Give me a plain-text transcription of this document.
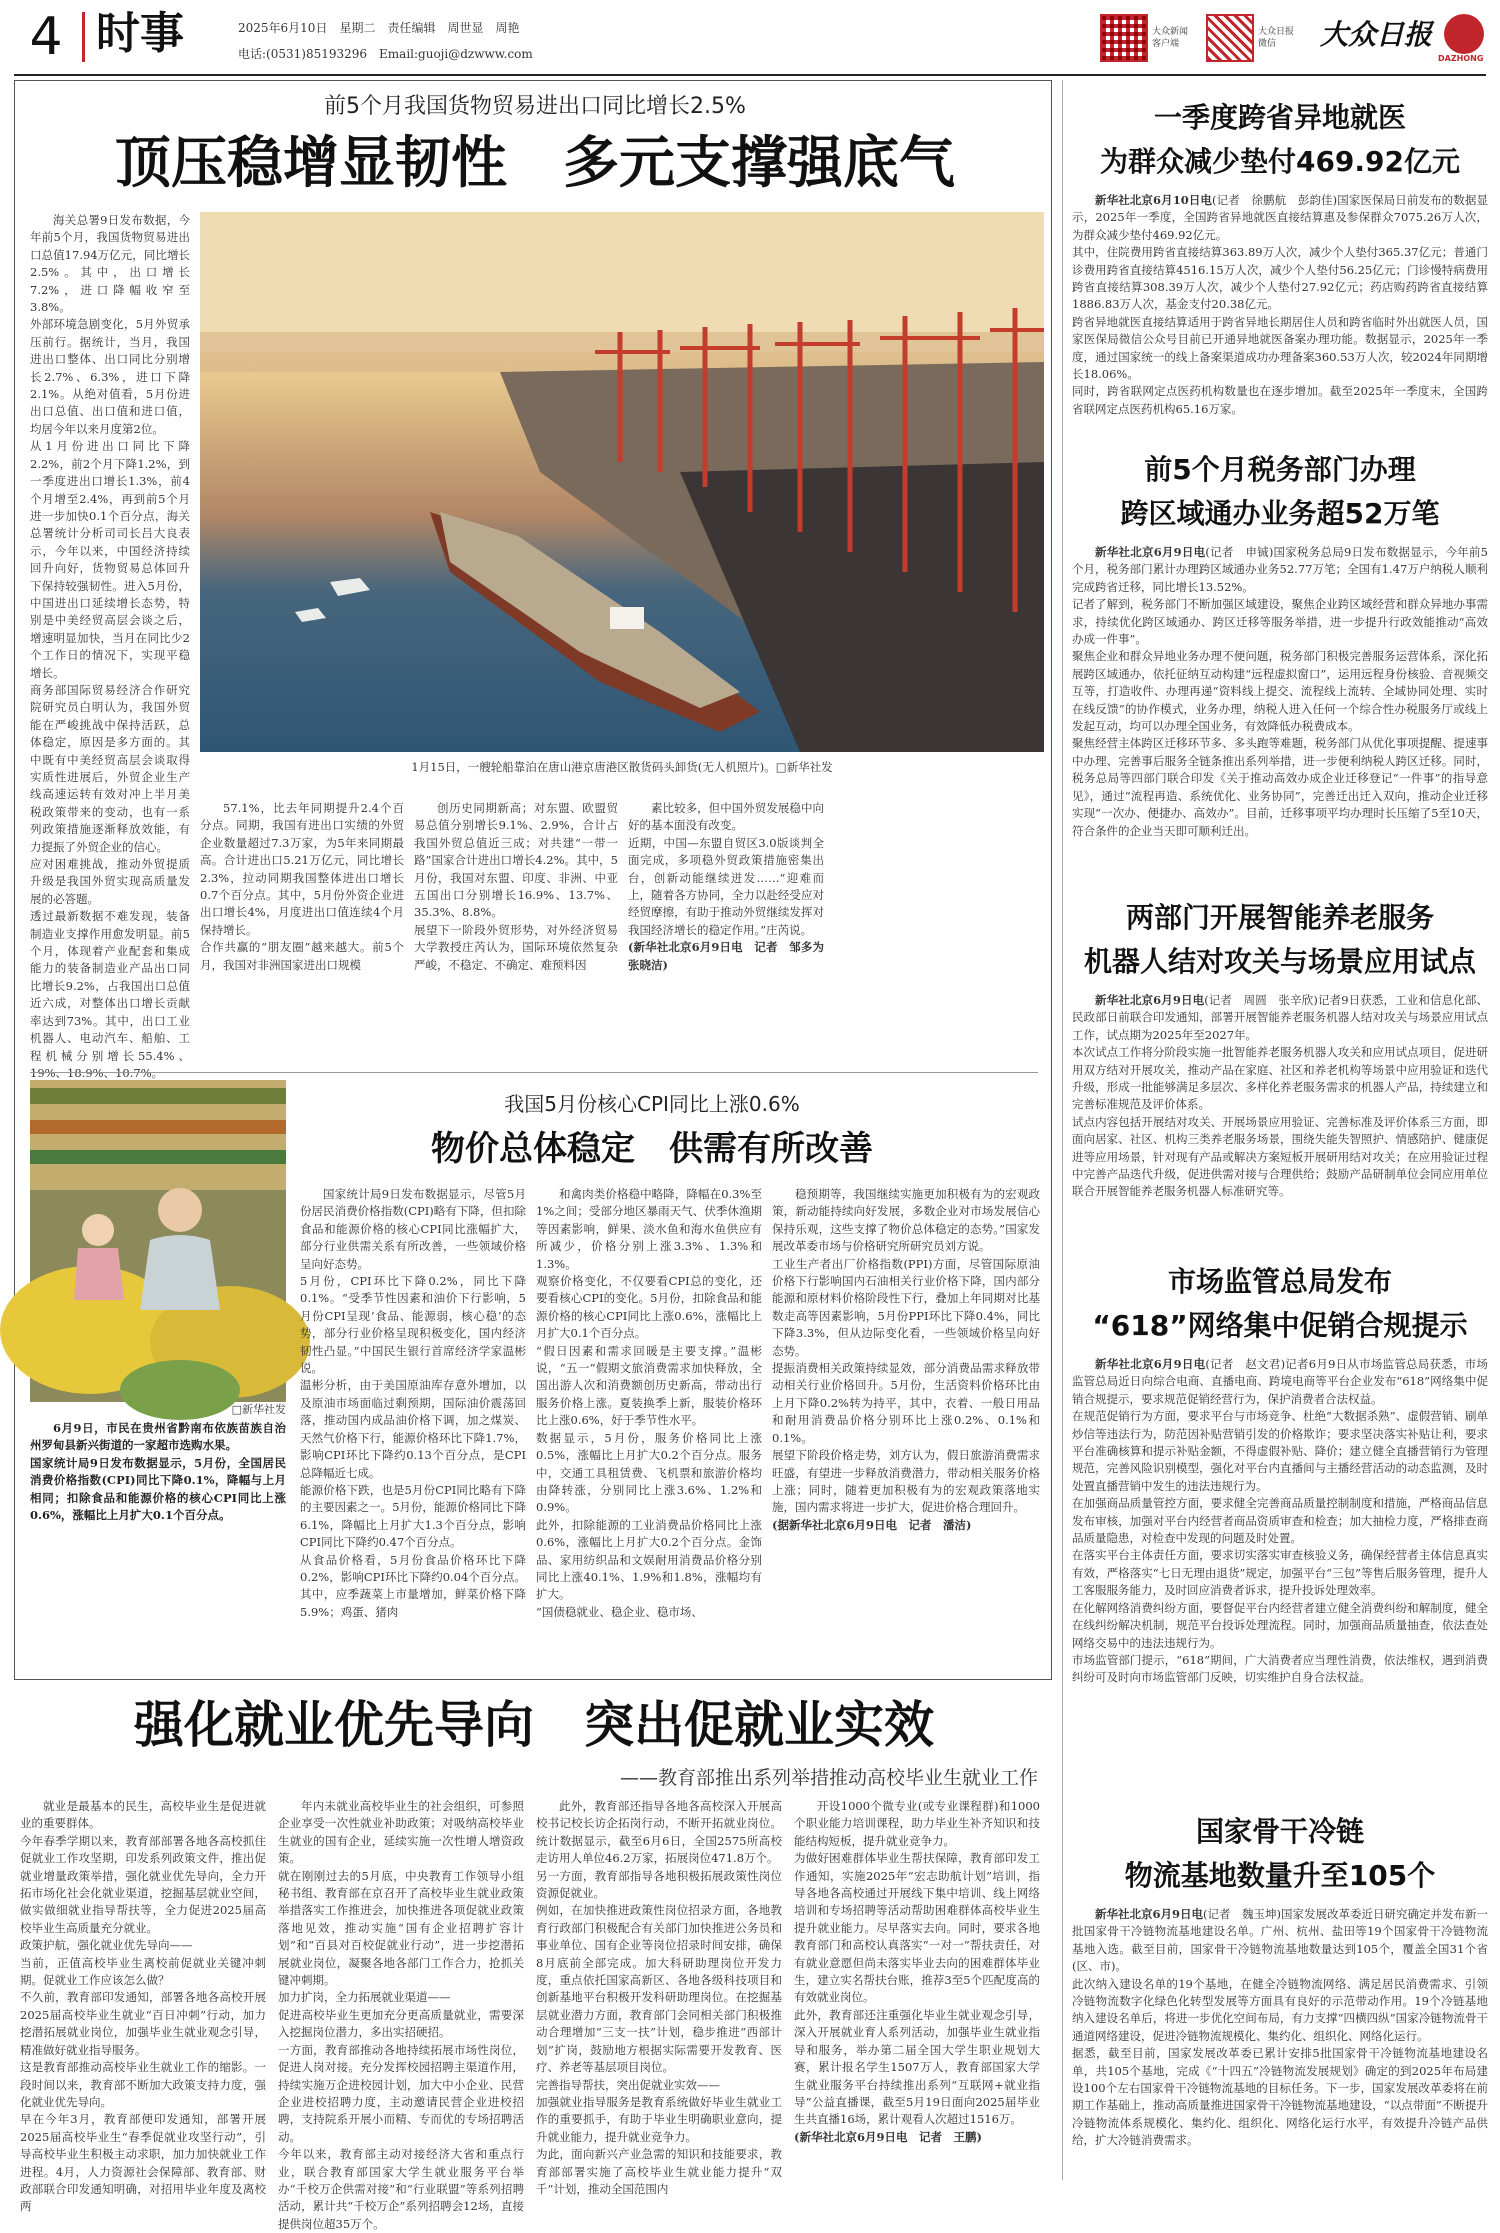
4 时事	2025年6月10日　星期二　责任编辑　周世显　周艳
电话:(0531)85193296　Email:guoji@dzwww.com
大众新闻
客户端
大众日报
微信	大众日报
DAZHONG
前5个月我国货物贸易进出口同比增长2.5%
顶压稳增显韧性　多元支撑强底气

海关总署9日发布数据，今年前5个月，我国货物贸易进出口总值17.94万亿元，同比增长2.5%。其中，出口增长7.2%，进口降幅收窄至3.8%。
外部环境急剧变化，5月外贸承压前行。据统计，当月，我国进出口整体、出口同比分别增长2.7%、6.3%，进口下降2.1%。从绝对值看，5月份进出口总值、出口值和进口值，均居今年以来月度第2位。
从1月份进出口同比下降2.2%，前2个月下降1.2%，到一季度进出口增长1.3%，前4个月增至2.4%，再到前5个月进一步加快0.1个百分点，海关总署统计分析司司长吕大良表示，今年以来，中国经济持续回升向好，货物贸易总体回升下保持较强韧性。进入5月份，中国进出口延续增长态势，特别是中美经贸高层会谈之后，增速明显加快，当月在同比少2个工作日的情况下，实现平稳增长。
商务部国际贸易经济合作研究院研究员白明认为，我国外贸能在严峻挑战中保持活跃，总体稳定，原因是多方面的。其中既有中美经贸高层会谈取得实质性进展后，外贸企业生产线高速运转有效对冲上半月美税政策带来的变动，也有一系列政策措施逐渐释放效能，有力提振了外贸企业的信心。
应对困难挑战，推动外贸提质升级是我国外贸实现高质量发展的必答题。
透过最新数据不难发现，装备制造业支撑作用愈发明显。前5个月，体现着产业配套和集成能力的装备制造业产品出口同比增长9.2%，占我国出口总值近六成，对整体出口增长贡献率达到73%。其中，出口工业机器人、电动汽车、船舶、工程机械分别增长55.4%、

1月15日，一艘轮船靠泊在唐山港京唐港区散货码头卸货(无人机照片)。□新华社发

57.1%，比去年同期提升2.4个百分点。同期，我国有进出口实绩的外贸企业数量超过7.3万家，为5年来同期最高。合计进出口5.21万亿元，同比增长2.3%，拉动同期我国整体进出口增长0.7个百分点。其中，5月份外资企业进出口增长4%，月度进出口值连续4个月保持增长。
合作共赢的“朋友圈”越来越大。前5个月，我国对非洲国家进出口规模

创历史同期新高；对东盟、欧盟贸易总值分别增长9.1%、2.9%，合计占我国外贸总值近三成；对共建“一带一路”国家合计进出口增长4.2%。其中，5月份，我国对东盟、印度、非洲、中亚五国出口分别增长16.9%、13.7%、35.3%、8.8%。
展望下一阶段外贸形势，对外经济贸易大学教授庄芮认为，国际环境依然复杂严峻，不稳定、不确定、难预料因

素比较多，但中国外贸发展稳中向好的基本面没有改变。
近期，中国—东盟自贸区3.0版谈判全面完成，多项稳外贸政策措施密集出台，创新动能继续迸发……“迎难而上，随着各方协同，全力以赴经受应对经贸摩擦，有助于推动外贸继续发挥对我国经济增长的稳定作用。”庄芮说。

(新华社北京6月9日电　记者　邹多为　张晓洁)

我国5月份核心CPI同比上涨0.6%
物价总体稳定　供需有所改善
□新华社发

6月9日，市民在贵州省黔南布依族苗族自治州罗甸县新兴街道的一家超市选购水果。
国家统计局9日发布数据显示，5月份，全国居民消费价格指数(CPI)同比下降0.1%，降幅与上月相同；扣除食品和能源价格的核心CPI同比上涨0.6%，涨幅比上月扩大0.1个百分点。

国家统计局9日发布数据显示，尽管5月份居民消费价格指数(CPI)略有下降，但扣除食品和能源价格的核心CPI同比涨幅扩大，部分行业供需关系有所改善，一些领域价格呈向好态势。
5月份，CPI环比下降0.2%，同比下降0.1%。“受季节性因素和油价下行影响，5月份CPI呈现‘食品、能源弱，核心稳’的态势，部分行业价格呈现积极变化，国内经济韧性凸显。”中国民生银行首席经济学家温彬说。
温彬分析，由于美国原油库存意外增加，以及原油市场面临过剩预期，国际油价震荡回落，推动国内成品油价格下调，加之煤炭、天然气价格下行，能源价格环比下降1.7%，影响CPI环比下降约0.13个百分点，是CPI总降幅近七成。
能源价格下跌，也是5月份CPI同比略有下降的主要因素之一。5月份，能源价格同比下降6.1%，降幅比上月扩大1.3个百分点，影响CPI同比下降约0.47个百分点。
从食品价格看，5月份食品价格环比下降0.2%，影响CPI环比下降约0.04个百分点。其中，应季蔬菜上市量增加，鲜菜价格下降5.9%；鸡蛋、猪肉

和禽肉类价格稳中略降，降幅在0.3%至1%之间；受部分地区暴雨天气、伏季休渔期等因素影响，鲜果、淡水鱼和海水鱼供应有所减少，价格分别上涨3.3%、1.3%和1.3%。
观察价格变化，不仅要看CPI总的变化，还要看核心CPI的变化。5月份，扣除食品和能源价格的核心CPI同比上涨0.6%，涨幅比上月扩大0.1个百分点。
“假日因素和需求回暖是主要支撑。”温彬说，“五一”假期文旅消费需求加快释放，全国出游人次和消费额创历史新高，带动出行服务价格上涨。夏装换季上新，服装价格环比上涨0.6%，好于季节性水平。
数据显示，5月份，服务价格同比上涨0.5%，涨幅比上月扩大0.2个百分点。服务中，交通工具租赁费、飞机票和旅游价格均由降转涨，分别同比上涨3.6%、1.2%和0.9%。
此外，扣除能源的工业消费品价格同比上涨0.6%，涨幅比上月扩大0.2个百分点。金饰品、家用纺织品和文娱耐用消费品价格分别同比上涨40.1%、1.9%和1.8%，涨幅均有扩大。
“国债稳就业、稳企业、稳市场、

稳预期等，我国继续实施更加积极有为的宏观政策，新动能持续向好发展，多数企业对市场发展信心保持乐观，这些支撑了物价总体稳定的态势。”国家发展改革委市场与价格研究所研究员刘方说。
工业生产者出厂价格指数(PPI)方面，尽管国际原油价格下行影响国内石油相关行业价格下降，国内部分能源和原材料价格阶段性下行，叠加上年同期对比基数走高等因素影响，5月份PPI环比下降0.4%，同比下降3.3%，但从边际变化看，一些领域价格呈向好态势。
提振消费相关政策持续显效，部分消费品需求释放带动相关行业价格回升。5月份，生活资料价格环比由上月下降0.2%转为持平，其中，衣着、一般日用品和耐用消费品价格分别环比上涨0.2%、0.1%和0.1%。
展望下阶段价格走势，刘方认为，假日旅游消费需求旺盛，有望进一步释放消费潜力，带动相关服务价格上涨；同时，随着更加积极有为的宏观政策落地实施，国内需求将进一步扩大，促进价格合理回升。

(据新华社北京6月9日电　记者　潘洁)

强化就业优先导向　突出促就业实效
——教育部推出系列举措推动高校毕业生就业工作

就业是最基本的民生，高校毕业生是促进就业的重要群体。
今年春季学期以来，教育部部署各地各高校抓住促就业工作攻坚期，印发系列政策文件，推出促就业增量政策举措，强化就业优先导向，全力开拓市场化社会化就业渠道，挖掘基层就业空间，做实做细就业指导帮扶等，全力促进2025届高校毕业生高质量充分就业。
政策护航，强化就业优先导向——
当前，正值高校毕业生离校前促就业关键冲刺期。促就业工作应该怎么做？
不久前，教育部印发通知，部署各地各高校开展2025届高校毕业生就业“百日冲刺”行动，加力挖潜拓展就业岗位，加强毕业生就业观念引导，精准做好就业指导服务。
这是教育部推动高校毕业生就业工作的缩影。一段时间以来，教育部不断加大政策支持力度，强化就业优先导向。
早在今年3月，教育部便印发通知，部署开展2025届高校毕业生“春季促就业攻坚行动”，引导高校毕业生积极主动求职，加力加快就业工作进程。4月，人力资源社会保障部、教育部、财政部联合印发通知明确，对招用毕业年度及离校两

年内未就业高校毕业生的社会组织，可参照企业享受一次性就业补助政策；对吸纳高校毕业生就业的国有企业，延续实施一次性增人增资政策。
就在刚刚过去的5月底，中央教育工作领导小组秘书组、教育部在京召开了高校毕业生就业政策举措落实工作推进会，加快推进各项促就业政策落地见效，推动实施“国有企业招聘扩容计划”和“百县对百校促就业行动”，进一步挖潜拓展就业岗位，凝聚各地各部门工作合力，抢抓关键冲刺期。
加力扩岗，全力拓展就业渠道——
促进高校毕业生更加充分更高质量就业，需要深入挖掘岗位潜力，多出实招硬招。
一方面，教育部推动各地持续拓展市场性岗位，促进人岗对接。充分发挥校园招聘主渠道作用，持续实施万企进校园计划，加大中小企业、民营企业进校招聘力度，主动邀请民营企业进校招聘，支持院系开展小而精、专而优的专场招聘活动。
今年以来，教育部主动对接经济大省和重点行业，联合教育部国家大学生就业服务平台举办“千校万企供需对接”和“行业联盟”等系列招聘活动，累计共“千校万企”系列招聘会12场，直接提供岗位超35万个。

此外，教育部还指导各地各高校深入开展高校书记校长访企拓岗行动，不断开拓就业岗位。统计数据显示，截至6月6日，全国2575所高校走访用人单位46.2万家，拓展岗位471.8万个。
另一方面，教育部指导各地积极拓展政策性岗位资源促就业。
例如，在加快推进政策性岗位招录方面，各地教育行政部门积极配合有关部门加快推进公务员和事业单位、国有企业等岗位招录时间安排，确保8月底前全部完成。加大科研助理岗位开发力度，重点依托国家高新区、各地各级科技项目和创新基地平台积极开发科研助理岗位。在挖掘基层就业潜力方面，教育部门会同相关部门积极推动合理增加“三支一扶”计划，稳步推进“西部计划”扩岗，鼓励地方根据实际需要开发教育、医疗、养老等基层项目岗位。
完善指导帮扶，突出促就业实效——
加强就业指导服务是教育系统做好毕业生就业工作的重要抓手，有助于毕业生明确职业意向，提升就业能力，提升就业竞争力。
为此，面向新兴产业急需的知识和技能要求，教育部部署实施了高校毕业生就业能力提升“双千”计划，推动全国范围内

开设1000个微专业(或专业课程群)和1000个职业能力培训课程，助力毕业生补齐知识和技能结构短板，提升就业竞争力。
为做好困难群体毕业生帮扶保障，教育部印发工作通知，实施2025年“宏志助航计划”培训，指导各地各高校通过开展线下集中培训、线上网络培训和专场招聘等活动帮助困难群体高校毕业生提升就业能力。尽早落实去向。同时，要求各地教育部门和高校认真落实“一对一”帮扶责任，对有就业意愿但尚未落实毕业去向的困难群体毕业生，建立实名帮扶台账，推荐3至5个匹配度高的有效就业岗位。
此外，教育部还注重强化毕业生就业观念引导，深入开展就业育人系列活动，加强毕业生就业指导和服务，举办第二届全国大学生职业规划大赛，累计报名学生1507万人，教育部国家大学生就业服务平台持续推出系列“互联网+就业指导”公益直播课，截至5月19日面向2025届毕业生共直播16场，累计观看人次超过1516万。

(新华社北京6月9日电　记者　王鹏)

一季度跨省异地就医
为群众减少垫付469.92亿元
新华社北京6月10日电(记者　徐鹏航　彭韵佳)国家医保局日前发布的数据显示，2025年一季度，全国跨省异地就医直接结算惠及参保群众7075.26万人次，为群众减少垫付469.92亿元。
其中，住院费用跨省直接结算363.89万人次，减少个人垫付365.37亿元；普通门诊费用跨省直接结算4516.15万人次，减少个人垫付56.25亿元；门诊慢特病费用跨省直接结算308.39万人次，减少个人垫付27.92亿元；药店购药跨省直接结算1886.83万人次，基金支付20.38亿元。
跨省异地就医直接结算适用于跨省异地长期居住人员和跨省临时外出就医人员，国家医保局微信公众号目前已开通异地就医备案办理功能。数据显示，2025年一季度，通过国家统一的线上备案渠道成功办理备案360.53万人次，较2024年同期增长18.06%。
同时，跨省联网定点医药机构数量也在逐步增加。截至2025年一季度末，全国跨省联网定点医药机构65.16万家。
前5个月税务部门办理
跨区域通办业务超52万笔
新华社北京6月9日电(记者　申铖)国家税务总局9日发布数据显示，今年前5个月，税务部门累计办理跨区域通办业务52.77万笔；全国有1.47万户纳税人顺利完成跨省迁移，同比增长13.52%。
记者了解到，税务部门不断加强区域建设，聚焦企业跨区域经营和群众异地办事需求，持续优化跨区域通办、跨区迁移等服务举措，进一步提升行政效能推动“高效办成一件事”。
聚焦企业和群众异地业务办理不便问题，税务部门积极完善服务运营体系，深化拓展跨区域通办，依托征纳互动构建“远程虚拟窗口”，运用远程身份核验、音视频交互等，打造收件、办理再递“资料线上提交、流程线上流转、全域协同处理、实时在线反馈”的协作模式，业务办理，纳税人进入任何一个综合性办税服务厅或线上发起互动，均可以办理全国业务，有效降低办税费成本。
聚焦经营主体跨区迁移环节多、多头跑等难题，税务部门从优化事项提醒、提速事中办理、完善事后服务全链条推出系列举措，进一步便利纳税人跨区迁移。同时，税务总局等四部门联合印发《关于推动高效办成企业迁移登记“一件事”的指导意见》，通过“流程再造、系统优化、业务协同”，完善迁出迁入双向，推动企业迁移实现“一次办、便捷办、高效办”。目前，迁移事项平均办理时长压缩了5至10天，符合条件的企业当天即可顺利迁出。
两部门开展智能养老服务
机器人结对攻关与场景应用试点
新华社北京6月9日电(记者　周圆　张辛欣)记者9日获悉，工业和信息化部、民政部日前联合印发通知，部署开展智能养老服务机器人结对攻关与场景应用试点工作，试点期为2025年至2027年。
本次试点工作将分阶段实施一批智能养老服务机器人攻关和应用试点项目，促进研用双方结对开展攻关，推动产品在家庭、社区和养老机构等场景中应用验证和迭代升级，形成一批能够满足多层次、多样化养老服务需求的机器人产品，持续建立和完善标准规范及评价体系。
试点内容包括开展结对攻关、开展场景应用验证、完善标准及评价体系三方面，即面向居家、社区、机构三类养老服务场景，围绕失能失智照护、情感陪护、健康促进等应用场景，针对现有产品或解决方案短板开展研用结对攻关；在应用验证过程中完善产品迭代升级，促进供需对接与合理供给；鼓励产品研制单位会同应用单位联合开展智能养老服务机器人标准研究等。
市场监管总局发布
“618”网络集中促销合规提示
新华社北京6月9日电(记者　赵文君)记者6月9日从市场监管总局获悉，市场监管总局近日向综合电商、直播电商、跨境电商等平台企业发布“618”网络集中促销合规提示，要求规范促销经营行为，保护消费者合法权益。
在规范促销行为方面，要求平台与市场竞争、杜绝“大数据杀熟”、虚假营销、刷单炒信等违法行为，防范因补贴营销引发的价格欺诈；要求坚决落实补贴让利，要求平台准确核算和提示补贴金额，不得虚假补贴、降价；建立健全直播营销行为管理规范，完善风险识别模型，强化对平台内直播间与主播经营活动的动态监测，及时处置直播营销中发生的违法违规行为。
在加强商品质量管控方面，要求健全完善商品质量控制制度和措施，严格商品信息发布审核，加强对平台内经营者商品资质审查和检查；加大抽检力度，严格排查商品质量隐患，对检查中发现的问题及时处置。
在落实平台主体责任方面，要求切实落实审查核验义务，确保经营者主体信息真实有效，严格落实“七日无理由退货”规定，加强平台“三包”等售后服务管理，提升人工客服服务能力，及时回应消费者诉求，提升投诉处理效率。
在化解网络消费纠纷方面，要督促平台内经营者建立健全消费纠纷和解制度，健全在线纠纷解决机制，规范平台投诉处理流程。同时，加强商品质量抽查，依法查处网络交易中的违法违规行为。
市场监管部门提示，“618”期间，广大消费者应当理性消费，依法维权，遇到消费纠纷可及时向市场监管部门反映，切实维护自身合法权益。
国家骨干冷链
物流基地数量升至105个
新华社北京6月9日电(记者　魏玉坤)国家发展改革委近日研究确定并发布新一批国家骨干冷链物流基地建设名单。广州、杭州、盐田等19个国家骨干冷链物流基地入选。截至目前，国家骨干冷链物流基地数量达到105个，覆盖全国31个省(区、市)。
此次纳入建设名单的19个基地，在健全冷链物流网络、满足居民消费需求、引领冷链物流数字化绿色化转型发展等方面具有良好的示范带动作用。19个冷链基地纳入建设名单后，将进一步优化空间布局，有力支撑“四横四纵”国家冷链物流骨干通道网络建设，促进冷链物流规模化、集约化、组织化、网络化运行。
据悉，截至目前，国家发展改革委已累计安排5批国家骨干冷链物流基地建设名单，共105个基地，完成《“十四五”冷链物流发展规划》确定的到2025年布局建设100个左右国家骨干冷链物流基地的目标任务。下一步，国家发展改革委将在前期工作基础上，推动高质量推进国家骨干冷链物流基地建设，“以点带面”不断提升冷链物流体系规模化、集约化、组织化、网络化运行水平，有效提升冷链产品供给，扩大冷链消费需求。
